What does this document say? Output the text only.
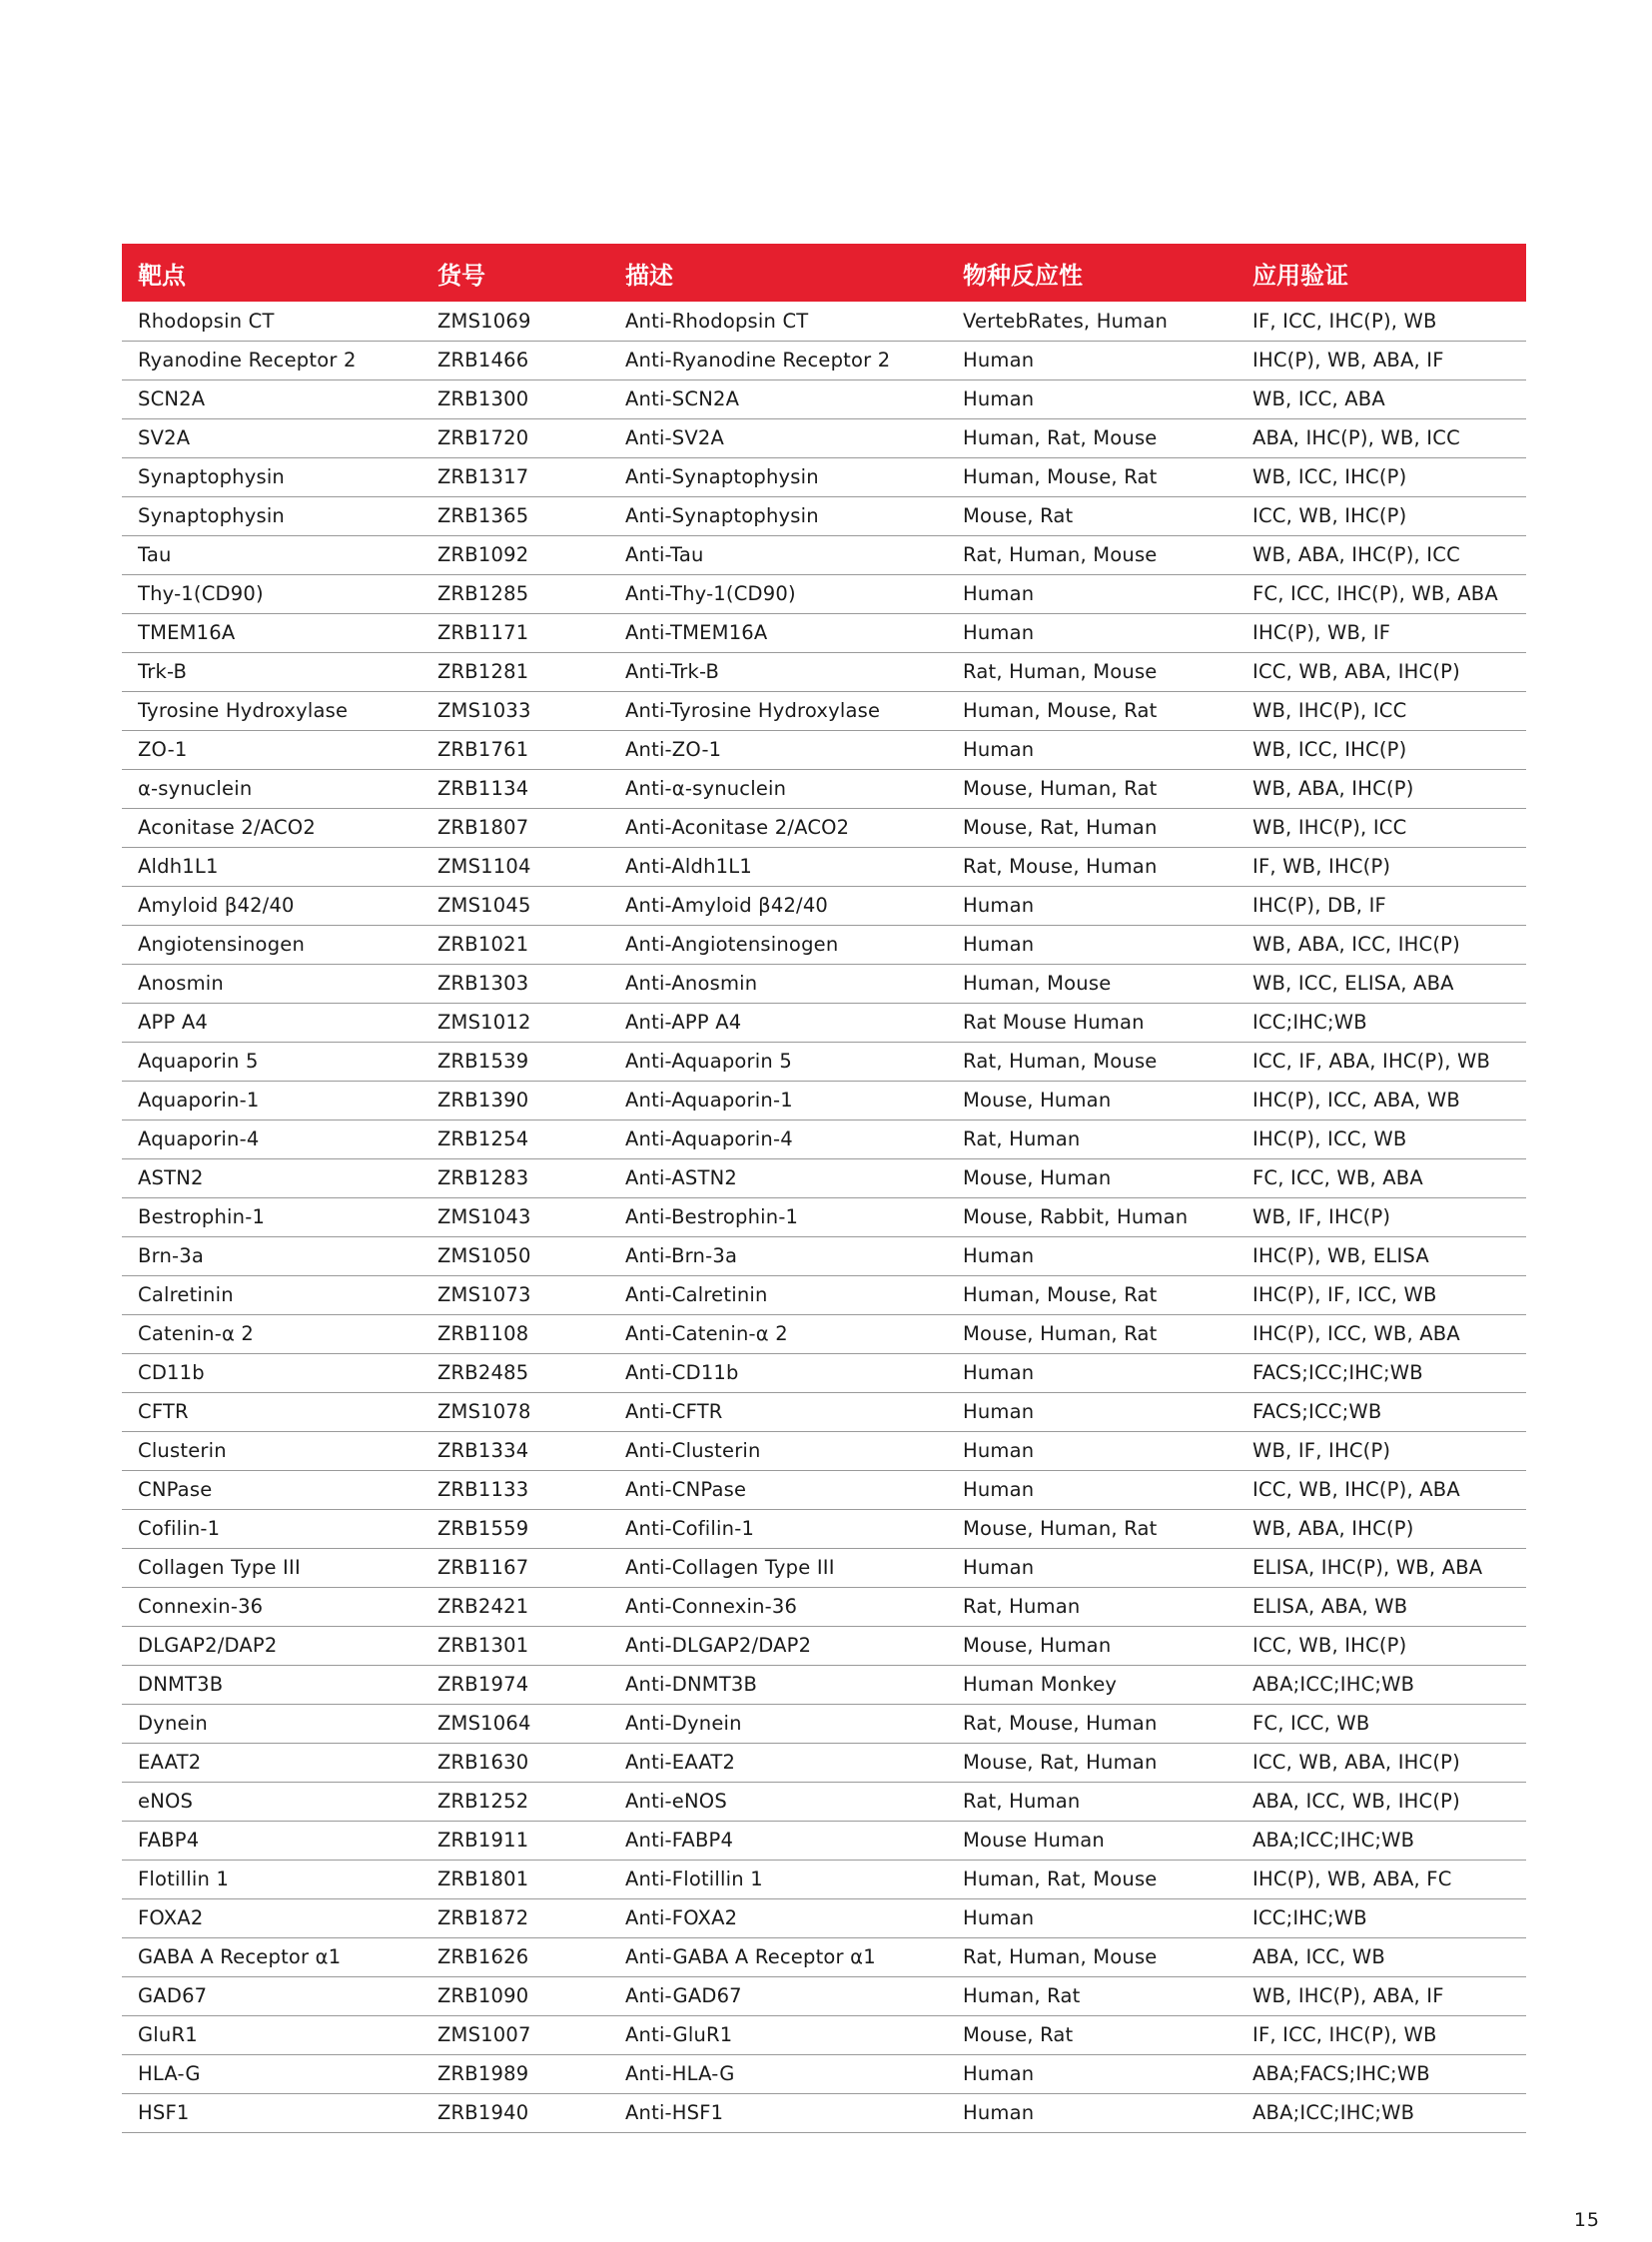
靶点	货号	描述	物种反应性	应用验证
Rhodopsin CT	ZMS1069	Anti-Rhodopsin CT	VertebRates, Human	IF, ICC, IHC(P), WB
Ryanodine Receptor 2	ZRB1466	Anti-Ryanodine Receptor 2	Human	IHC(P), WB, ABA, IF
SCN2A	ZRB1300	Anti-SCN2A	Human	WB, ICC, ABA
SV2A	ZRB1720	Anti-SV2A	Human, Rat, Mouse	ABA, IHC(P), WB, ICC
Synaptophysin	ZRB1317	Anti-Synaptophysin	Human, Mouse, Rat	WB, ICC, IHC(P)
Synaptophysin	ZRB1365	Anti-Synaptophysin	Mouse, Rat	ICC, WB, IHC(P)
Tau	ZRB1092	Anti-Tau	Rat, Human, Mouse	WB, ABA, IHC(P), ICC
Thy-1(CD90)	ZRB1285	Anti-Thy-1(CD90)	Human	FC, ICC, IHC(P), WB, ABA
TMEM16A	ZRB1171	Anti-TMEM16A	Human	IHC(P), WB, IF
Trk-B	ZRB1281	Anti-Trk-B	Rat, Human, Mouse	ICC, WB, ABA, IHC(P)
Tyrosine Hydroxylase	ZMS1033	Anti-Tyrosine Hydroxylase	Human, Mouse, Rat	WB, IHC(P), ICC
ZO-1	ZRB1761	Anti-ZO-1	Human	WB, ICC, IHC(P)
α-synuclein	ZRB1134	Anti-α-synuclein	Mouse, Human, Rat	WB, ABA, IHC(P)
Aconitase 2/ACO2	ZRB1807	Anti-Aconitase 2/ACO2	Mouse, Rat, Human	WB, IHC(P), ICC
Aldh1L1	ZMS1104	Anti-Aldh1L1	Rat, Mouse, Human	IF, WB, IHC(P)
Amyloid β42/40	ZMS1045	Anti-Amyloid β42/40	Human	IHC(P), DB, IF
Angiotensinogen	ZRB1021	Anti-Angiotensinogen	Human	WB, ABA, ICC, IHC(P)
Anosmin	ZRB1303	Anti-Anosmin	Human, Mouse	WB, ICC, ELISA, ABA
APP A4	ZMS1012	Anti-APP A4	Rat Mouse Human	ICC;IHC;WB
Aquaporin 5	ZRB1539	Anti-Aquaporin 5	Rat, Human, Mouse	ICC, IF, ABA, IHC(P), WB
Aquaporin-1	ZRB1390	Anti-Aquaporin-1	Mouse, Human	IHC(P), ICC, ABA, WB
Aquaporin-4	ZRB1254	Anti-Aquaporin-4	Rat, Human	IHC(P), ICC, WB
ASTN2	ZRB1283	Anti-ASTN2	Mouse, Human	FC, ICC, WB, ABA
Bestrophin-1	ZMS1043	Anti-Bestrophin-1	Mouse, Rabbit, Human	WB, IF, IHC(P)
Brn-3a	ZMS1050	Anti-Brn-3a	Human	IHC(P), WB, ELISA
Calretinin	ZMS1073	Anti-Calretinin	Human, Mouse, Rat	IHC(P), IF, ICC, WB
Catenin-α 2	ZRB1108	Anti-Catenin-α 2	Mouse, Human, Rat	IHC(P), ICC, WB, ABA
CD11b	ZRB2485	Anti-CD11b	Human	FACS;ICC;IHC;WB
CFTR	ZMS1078	Anti-CFTR	Human	FACS;ICC;WB
Clusterin	ZRB1334	Anti-Clusterin	Human	WB, IF, IHC(P)
CNPase	ZRB1133	Anti-CNPase	Human	ICC, WB, IHC(P), ABA
Cofilin-1	ZRB1559	Anti-Cofilin-1	Mouse, Human, Rat	WB, ABA, IHC(P)
Collagen Type III	ZRB1167	Anti-Collagen Type III	Human	ELISA, IHC(P), WB, ABA
Connexin-36	ZRB2421	Anti-Connexin-36	Rat, Human	ELISA, ABA, WB
DLGAP2/DAP2	ZRB1301	Anti-DLGAP2/DAP2	Mouse, Human	ICC, WB, IHC(P)
DNMT3B	ZRB1974	Anti-DNMT3B	Human Monkey	ABA;ICC;IHC;WB
Dynein	ZMS1064	Anti-Dynein	Rat, Mouse, Human	FC, ICC, WB
EAAT2	ZRB1630	Anti-EAAT2	Mouse, Rat, Human	ICC, WB, ABA, IHC(P)
eNOS	ZRB1252	Anti-eNOS	Rat, Human	ABA, ICC, WB, IHC(P)
FABP4	ZRB1911	Anti-FABP4	Mouse Human	ABA;ICC;IHC;WB
Flotillin 1	ZRB1801	Anti-Flotillin 1	Human, Rat, Mouse	IHC(P), WB, ABA, FC
FOXA2	ZRB1872	Anti-FOXA2	Human	ICC;IHC;WB
GABA A Receptor α1	ZRB1626	Anti-GABA A Receptor α1	Rat, Human, Mouse	ABA, ICC, WB
GAD67	ZRB1090	Anti-GAD67	Human, Rat	WB, IHC(P), ABA, IF
GluR1	ZMS1007	Anti-GluR1	Mouse, Rat	IF, ICC, IHC(P), WB
HLA-G	ZRB1989	Anti-HLA-G	Human	ABA;FACS;IHC;WB
HSF1	ZRB1940	Anti-HSF1	Human	ABA;ICC;IHC;WB
15
